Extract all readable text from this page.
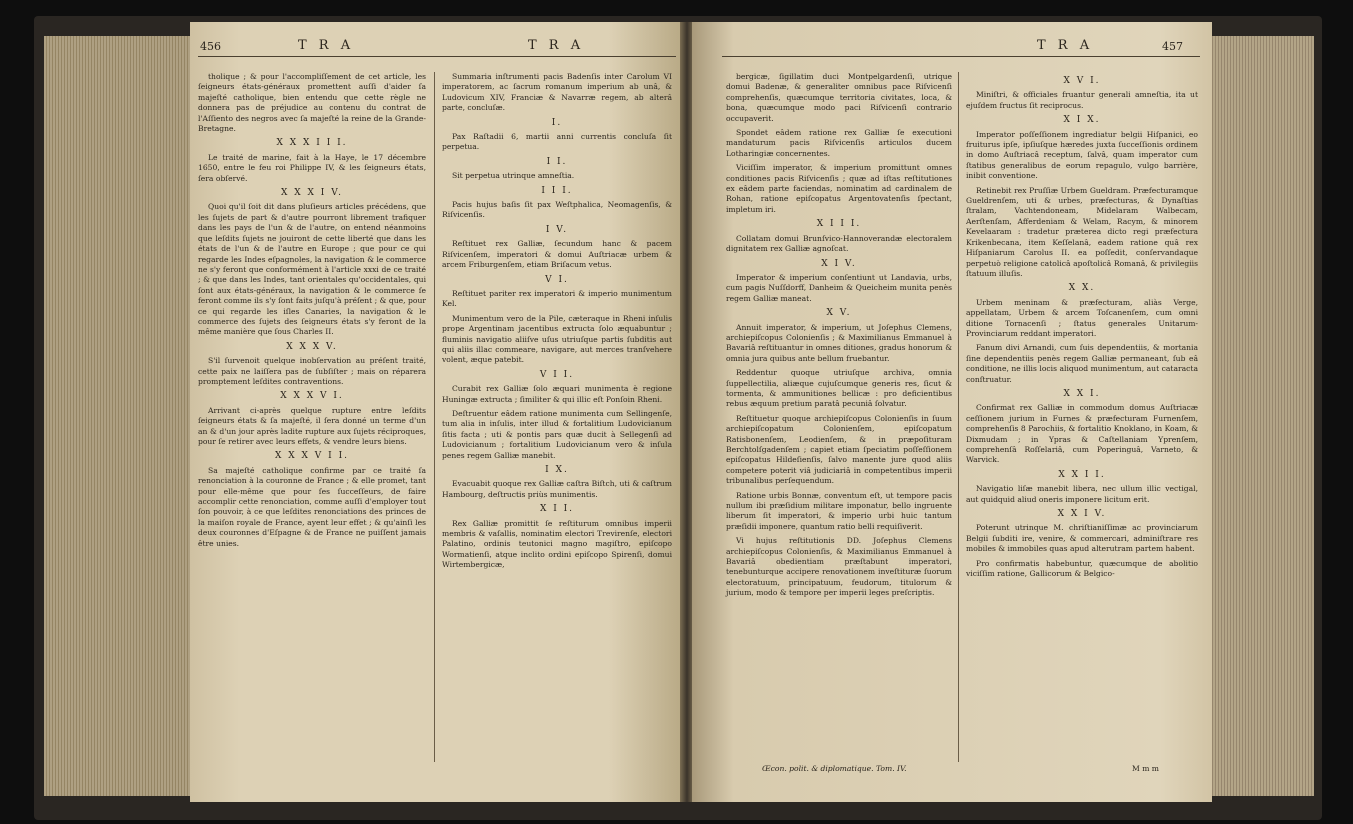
456	T R A	T R A

tholique ; & pour l'accompliſſement de cet article, les ſeigneurs états-généraux promettent auſſi d'aider ſa majeſté catholique, bien entendu que cette règle ne donnera pas de préjudice au contenu du contrat de l'Aſſiento des negros avec ſa majeſté la reine de la Grande-Bretagne.

X X X I I I.

Le traité de marine, fait à la Haye, le 17 décembre 1650, entre le feu roi Philippe IV, & les ſeigneurs états, ſera obſervé.

X X X I V.

Quoi qu'il ſoit dit dans pluſieurs articles précédens, que les ſujets de part & d'autre pourront librement trafiquer dans les pays de l'un & de l'autre, on entend néanmoins que leſdits ſujets ne jouiront de cette liberté que dans les états de l'un & de l'autre en Europe ; que pour ce qui regarde les Indes eſpagnoles, la navigation & le commerce ne s'y feront que conformément à l'article xxxi de ce traité ; & que dans les Indes, tant orientales qu'occidentales, qui ſont aux états-généraux, la navigation & le commerce ſe feront comme ils s'y ſont faits juſqu'à préſent ; & que, pour ce qui regarde les iſles Canaries, la navigation & le commerce des ſujets des ſeigneurs états s'y feront de la même manière que ſous Charles II.

X X X V.

S'il ſurvenoit quelque inobſervation au préſent traité, cette paix ne laiſſera pas de ſubſiſter ; mais on réparera promptement leſdites contraventions.

X X X V I.

Arrivant ci-après quelque rupture entre leſdits ſeigneurs états & ſa majeſté, il ſera donné un terme d'un an & d'un jour après ladite rupture aux ſujets réciproques, pour ſe retirer avec leurs effets, & vendre leurs biens.

X X X V I I.

Sa majeſté catholique confirme par ce traité ſa renonciation à la couronne de France ; & elle promet, tant pour elle-même que pour ſes ſucceſſeurs, de faire accomplir cette renonciation, comme auſſi d'employer tout ſon pouvoir, à ce que leſdites renonciations des princes de la maiſon royale de France, ayent leur effet ; & qu'ainſi les deux couronnes d'Eſpagne & de France ne puiſſent jamais être unies.

Summaria inſtrumenti pacis Badenſis inter Carolum VI imperatorem, ac ſacrum romanum imperium ab unâ, & Ludovicum XIV, Franciæ & Navarræ regem, ab alterâ parte, concluſæ.

I.

Pax Raſtadii 6, martii anni currentis concluſa ſit perpetua.

I I.

Sit perpetua utrinque amneſtia.

I I I.

Pacis hujus baſis ſit pax Weſtphalica, Neomagenſis, & Riſvicenſis.

I V.

Reſtituet rex Galliæ, ſecundum hanc & pacem Riſvicenſem, imperatori & domui Auſtriacæ urbem & arcem Friburgenſem, etiam Briſacum vetus.

V I.

Reſtituet pariter rex imperatori & imperio munimentum Kel.

Munimentum vero de la Pile, cæteraque in Rheni inſulis prope Argentinam jacentibus extructa ſolo æquabuntur ; fluminis navigatio aliiſve uſus utriuſque partis ſubditis aut qui aliis illac commeare, navigare, aut merces tranſvehere volent, æque patebit.

V I I.

Curabit rex Galliæ ſolo æquari munimenta è regione Huningæ extructa ; ſimiliter & qui illic eſt Ponſoin Rheni.

Deſtruentur eâdem ratione munimenta cum Sellingenſe, tum alia in inſulis, inter illud & fortalitium Ludovicianum ſitis facta ; uti & pontis pars quæ ducit à Sellegenſi ad Ludovicianum ; fortalitium Ludovicianum vero & inſula penes regem Galliæ manebit.

I X.

Evacuabit quoque rex Galliæ caſtra Biſtch, uti & caſtrum Hambourg, deſtructis priùs munimentis.

X I I.

Rex Galliæ promittit ſe reſtiturum omnibus imperii membris & vaſallis, nominatim electori Trevirenſe, electori Palatino, ordinis teutonici magno magiſtro, epiſcopo Wormatienſi, atque inclito ordini epiſcopo Spirenſi, domui Wirtembergicæ,

T R A	457

bergicæ, ſigillatim duci Montpelgardenſi, utrique domui Badenæ, & generaliter omnibus pace Riſvicenſi comprehenſis, quæcumque territoria civitates, loca, & bona, quæcumque modo paci Riſvicenſi contrario occupaverit.

Spondet eâdem ratione rex Galliæ ſe executioni mandaturum pacis Riſvicenſis articulos ducem Lotharingiæ concernentes.

Viciſſim imperator, & imperium promittunt omnes conditiones pacis Riſvicenſis ; quæ ad iſtas reſtitutiones ex eâdem parte faciendas, nominatim ad cardinalem de Rohan, ratione epiſcopatus Argentovatenſis ſpectant, impletum iri.

X I I I.

Collatam domui Brunſvico-Hannoverandæ electoralem dignitatem rex Galliæ agnoſcat.

X I V.

Imperator & imperium conſentiunt ut Landavia, urbs, cum pagis Nuſſdorff, Danheim & Queicheim munita penès regem Galliæ maneat.

X V.

Annuit imperator, & imperium, ut Joſephus Clemens, archiepiſcopus Colonienſis ; & Maximilianus Emmanuel à Bavariâ reſtituantur in omnes ditiones, gradus honorum & omnia jura quibus ante bellum fruebantur.

Reddentur quoque utriuſque archiva, omnia ſuppellectilia, aliæque cujuſcumque generis res, ſicut & tormenta, & ammunitiones bellicæ : pro deficientibus rebus æquum pretium paratâ pecuniâ ſolvatur.

Reſtituetur quoque archiepiſcopus Colonienſis in ſuum archiepiſcopatum Colonienſem, epiſcopatum Ratisbonenſem, Leodienſem, & in præpoſituram Berchtolſgadenſem ; capiet etiam ſpeciatim poſſeſſionem epiſcopatus Hildeſienſis, ſalvo manente jure quod aliis competere poterit viâ judiciariâ in competentibus imperii tribunalibus perſequendum.

Ratione urbis Bonnæ, conventum eſt, ut tempore pacis nullum ibi præſidium militare imponatur, bello ingruente liberum ſit imperatori, & imperio urbi huic tantum præſidii imponere, quantum ratio belli requiſiverit.

Vi hujus reſtitutionis DD. Joſephus Clemens archiepiſcopus Colonienſis, & Maximilianus Emmanuel à Bavariâ obedientiam præſtabunt imperatori, tenebunturque accipere renovationem inveſtituræ ſuorum electoratuum, principatuum, feudorum, titulorum & jurium, modo & tempore per imperii leges preſcriptis.

X V I.

Miniſtri, & officiales fruantur generali amneſtia, ita ut ejuſdem fructus ſit reciprocus.

X I X.

Imperator poſſeſſionem ingrediatur belgii Hiſpanici, eo fruiturus ipſe, ipſiuſque hæredes juxta ſucceſſionis ordinem in domo Auſtriacâ receptum, ſalvâ, quam imperator cum ſtatibus generalibus de eorum repagulo, vulgo barrière, inibit conventione.

Retinebit rex Pruſſiæ Urbem Gueldram. Præfecturamque Gueldrenſem, uti & urbes, præfecturas, & Dynaſtias ſtralam, Vachtendoneam, Midelaram Walbecam, Aerſtenſam, Afferdeniam & Welam, Racym, & minorem Kevelaaram : tradetur præterea dicto regi præfectura Krikenbecana, item Keſſelanâ, eadem ratione quâ rex Hiſpaniarum Carolus II. ea poſſedit, conſervandaque perpetuò religione catolicâ apoſtolicâ Romanâ, & privilegiis ſtatuum illuſis.

X X.

Urbem meninam & præfecturam, aliàs Verge, appellatam, Urbem & arcem Toſcanenſem, cum omni ditione Tornacenſi ; ſtatus generales Unitarum-Provinciarum reddant imperatori.

Fanum divi Arnandi, cum ſuis dependentiis, & mortania ſine dependentiis penès regem Galliæ permaneant, ſub eâ conditione, ne illis locis aliquod munimentum, aut cataracta conſtruatur.

X X I.

Confirmat rex Galliæ in commodum domus Auſtriacæ ceſſionem jurium in Furnes & præfecturam Furnenſem, comprehenſis 8 Parochiis, & fortalitio Knoklano, in Koam, & Dixmudam ; in Ypras & Caſtellaniam Yprenſem, comprehenſâ Roſſelariâ, cum Poperinguâ, Varneto, & Warvick.

X X I I.

Navigatio liſæ manebit libera, nec ullum illic vectigal, aut quidquid aliud oneris imponere licitum erit.

X X I V.

Poterunt utrinque M. chriſtianiſſimæ ac provinciarum Belgii ſubditi ire, venire, & commercari, adminiſtrare res mobiles & immobiles quas apud alterutram partem habent.

Pro confirmatis habebuntur, quæcumque de abolitio viciſſim ratione, Gallicorum & Belgico-

Œcon. polit. & diplomatique. Tom. IV.	M m m
